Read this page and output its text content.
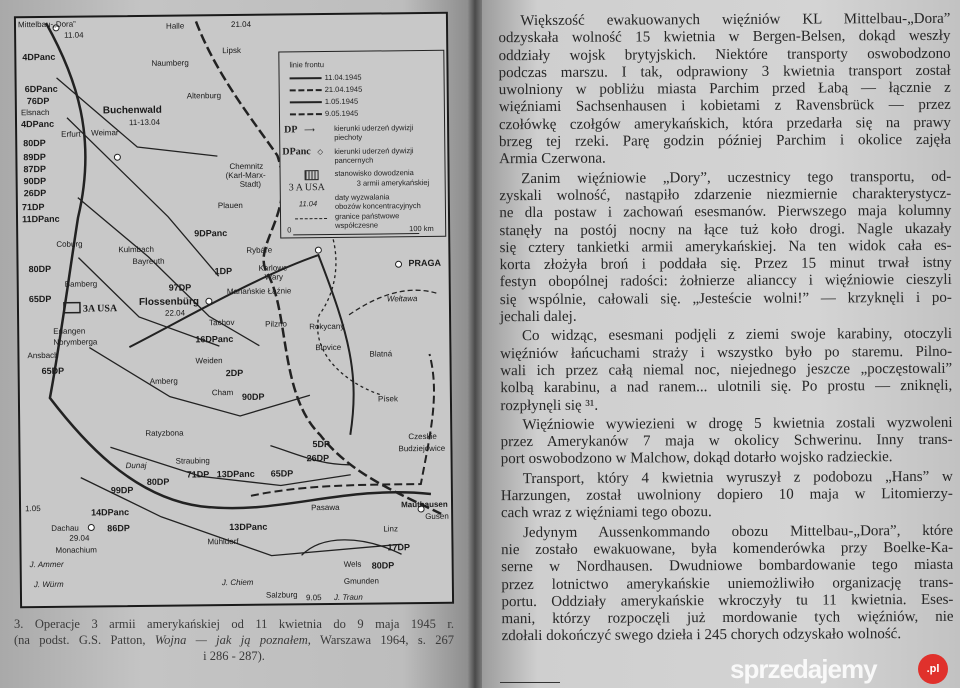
Mittelbau-„Dora”
11.04
Halle
Lipsk
21.04
Naumberg
Buchenwald
11-13.04
Altenburg
Erfurt Weimar
Elsnach
Chemnitz
(Karl-Marx-
Stadt)
Plauen
Coburg
Kulmbach
Bayreuth
Bamberg
Flossenbürg
22.04
Rybáře
Karlowe
Wary
Mariańskie Łaźnie
Tachov	Pilzno	Rokycany
PRAGA
Blovice
Weiden
Erlangen
Norymberga
Ansbach
Amberg
Cham
Ratyzbona
Straubing
Dunaj
Pasawa
Linz
Mauthausen
Gusen
Dachau
29.04
Monachium
Mühldorf
Wels
Gmunden
Salzburg
J. Chiem
J. Ammer
J. Würm
Písek
Blatná
Czeskie
Budziejowice
Wełtawa
9.05
1.05
J. Traun
6DPanc
76DP
4DPanc
80DP
89DP
87DP
90DP
26DP
71DP
11DPanc
9DPanc
1DP
97DP
16DPanc
2DP
90DP
65DP
99DP
80DP
14DPanc
86DP
71DP 13DPanc 65DP
5DP
26DP
13DPanc
17DP
80DP
80DP
65DP
4DPanc
3A USA
linie frontu
11.04.1945
21.04.1945
1.05.1945
9.05.1945
DP ⟶	kierunki uderzeń dywizji
piechoty
DPanc ◇ kierunki uderzeń dywizji
pancernych
stanowisko dowodzenia
3 A USA	3 armii amerykańskiej
11.04
daty wyzwalania
obozów koncentracyjnych
granice państwowe
współczesne
0	100 km
3. Operacje 3 armii amerykańskiej od 11 kwietnia do 9 maja 1945 r.
(na podst. G.S. Patton, Wojna — jak ją poznałem, Warszawa 1964, s. 267
i 286 - 287).

Większość ewakuowanych więźniów KL Mittelbau-„Dora”
odzyskała wolność 15 kwietnia w Bergen-Belsen, dokąd weszły
oddziały wojsk brytyjskich. Niektóre transporty oswobodzono
podczas marszu. I tak, odprawiony 3 kwietnia transport został
uwolniony w pobliżu miasta Parchim przed Łabą — łącznie z
więźniami Sachsenhausen i kobietami z Ravensbrück — przez
czołówkę czołgów amerykańskich, która przedarła się na prawy
brzeg tej rzeki. Parę godzin później Parchim i okolice zajęła
Armia Czerwona.

Zanim więźniowie „Dory”, uczestnicy tego transportu, od-
zyskali wolność, nastąpiło zdarzenie niezmiernie charakterystycz-
ne dla postaw i zachowań esesmanów. Pierwszego maja kolumny
stanęły na postój nocny na łące tuż koło drogi. Nagle ukazały
się cztery tankietki armii amerykańskiej. Na ten widok cała es-
korta złożyła broń i poddała się. Przez 15 minut trwał istny
festyn obopólnej radości: żołnierze alianccy i więźniowie cieszyli
się wspólnie, całowali się. „Jesteście wolni!” — krzyknęli i po-
jechali dalej.

Co widząc, esesmani podjęli z ziemi swoje karabiny, otoczyli
więźniów łańcuchami straży i wszystko było po staremu. Pilno-
wali ich przez całą niemal noc, niejednego jeszcze „poczęstowali”
kolbą karabinu, a nad ranem... ulotnili się. Po prostu — zniknęli,
rozpłynęli się ³¹.

Więźniowie wywiezieni w drogę 5 kwietnia zostali wyzwoleni
przez Amerykanów 7 maja w okolicy Schwerinu. Inny trans-
port oswobodzono w Malchow, dokąd dotarło wojsko radzieckie.

Transport, który 4 kwietnia wyruszył z podobozu „Hans” w
Harzungen, został uwolniony dopiero 10 maja w Litomierzy-
cach wraz z więźniami tego obozu.

Jedynym Aussenkommando obozu Mittelbau-„Dora”, które
nie zostało ewakuowane, była komenderówka przy Boelke-Ka-
serne w Nordhausen. Dwudniowe bombardowanie tego miasta
przez lotnictwo amerykańskie uniemożliwiło organizację trans-
portu. Oddziały amerykańskie wkroczyły tu 11 kwietnia. Eses-
mani, którzy rozpoczęli już mordowanie tych więźniów, nie
zdołali dokończyć swego dzieła i 245 chorych odzyskało wolność.

sprzedajemy	.pl
